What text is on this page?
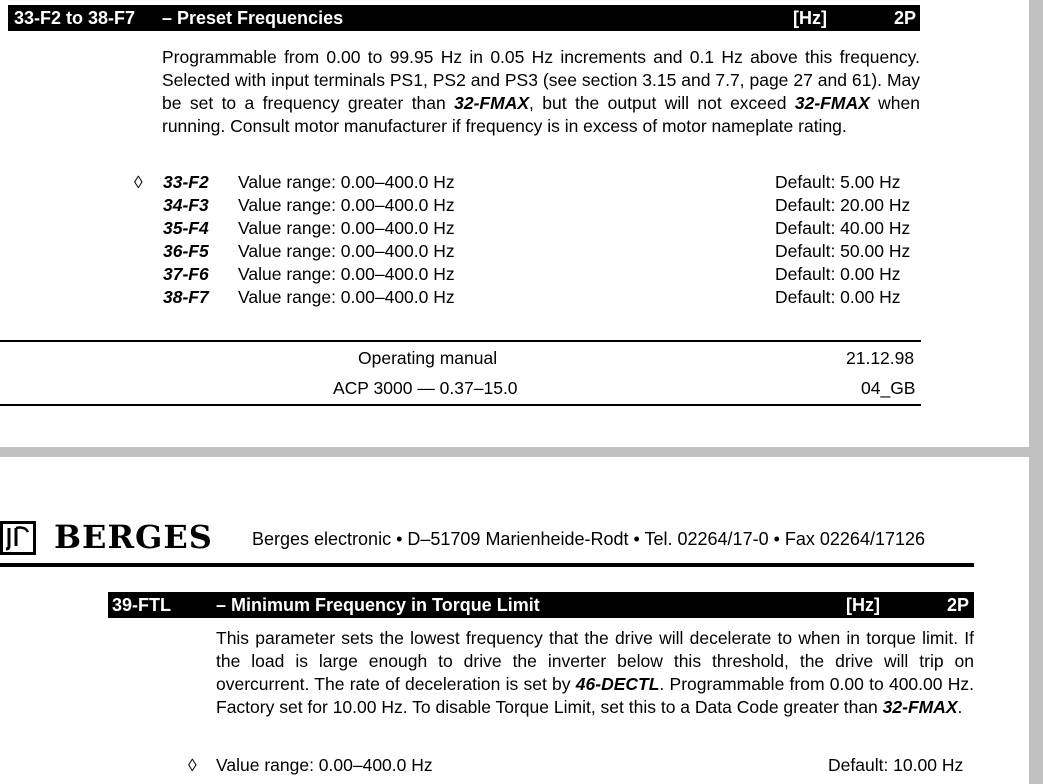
33-F2 to 38-F7 – Preset Frequencies	[Hz]	2P
Programmable from 0.00 to 99.95 Hz in 0.05 Hz increments and 0.1 Hz above this frequency. Selected with input terminals PS1, PS2 and PS3 (see section 3.15 and 7.7, page 27 and 61). May be set to a frequency greater than 32-FMAX, but the output will not exceed 32-FMAX when running. Consult motor manufacturer if frequency is in excess of motor nameplate rating.
◊ 33-F2 Value range: 0.00–400.0 Hz	Default: 5.00 Hz
34-F3 Value range: 0.00–400.0 Hz	Default: 20.00 Hz
35-F4 Value range: 0.00–400.0 Hz	Default: 40.00 Hz
36-F5 Value range: 0.00–400.0 Hz	Default: 50.00 Hz
37-F6 Value range: 0.00–400.0 Hz	Default: 0.00 Hz
38-F7 Value range: 0.00–400.0 Hz	Default: 0.00 Hz
Operating manual	21.12.98
ACP 3000 — 0.37–15.0	04_GB
BERGES Berges electronic • D–51709 Marienheide-Rodt • Tel. 02264/17-0 • Fax 02264/17126
39-FTL – Minimum Frequency in Torque Limit	[Hz]	2P
This parameter sets the lowest frequency that the drive will decelerate to when in torque limit. If the load is large enough to drive the inverter below this threshold, the drive will trip on overcurrent. The rate of deceleration is set by 46-DECTL. Programmable from 0.00 to 400.00 Hz. Factory set for 10.00 Hz. To disable Torque Limit, set this to a Data Code greater than 32-FMAX.
◊ Value range: 0.00–400.0 Hz	Default: 10.00 Hz
